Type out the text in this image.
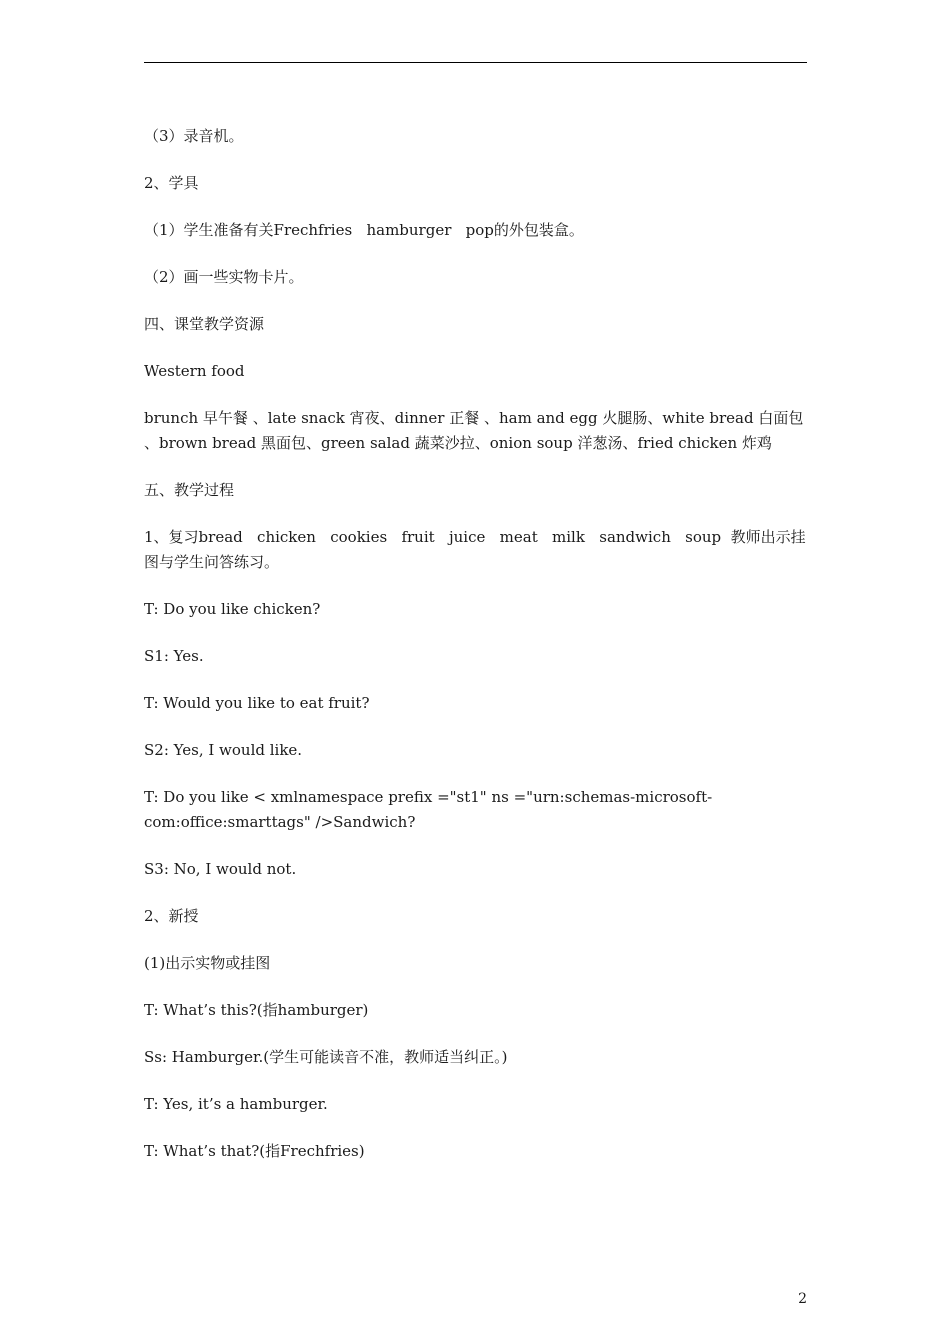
（3）录音机。

2、学具

（1）学生准备有关Frechfries   hamburger   pop的外包装盒。

（2）画一些实物卡片。

四、课堂教学资源

Western food

brunch 早午餐 、late snack 宵夜、dinner 正餐 、ham and egg 火腿肠、white bread 白面包 、brown bread 黑面包、green salad 蔬菜沙拉、onion soup 洋葱汤、fried chicken 炸鸡

五、教学过程

1、复习bread   chicken   cookies   fruit   juice   meat   milk   sandwich   soup  教师出示挂图与学生问答练习。

T: Do you like chicken?

S1: Yes.

T: Would you like to eat fruit?

S2: Yes, I would like.

T: Do you like < xmlnamespace prefix ="st1" ns ="urn:schemas-microsoft-com:office:smarttags" />Sandwich?

S3: No, I would not.

2、新授

(1)出示实物或挂图

T: What’s this?(指hamburger)

Ss: Hamburger.(学生可能读音不准，教师适当纠正。)

T: Yes, it’s a hamburger.

T: What’s that?(指Frechfries)

2
